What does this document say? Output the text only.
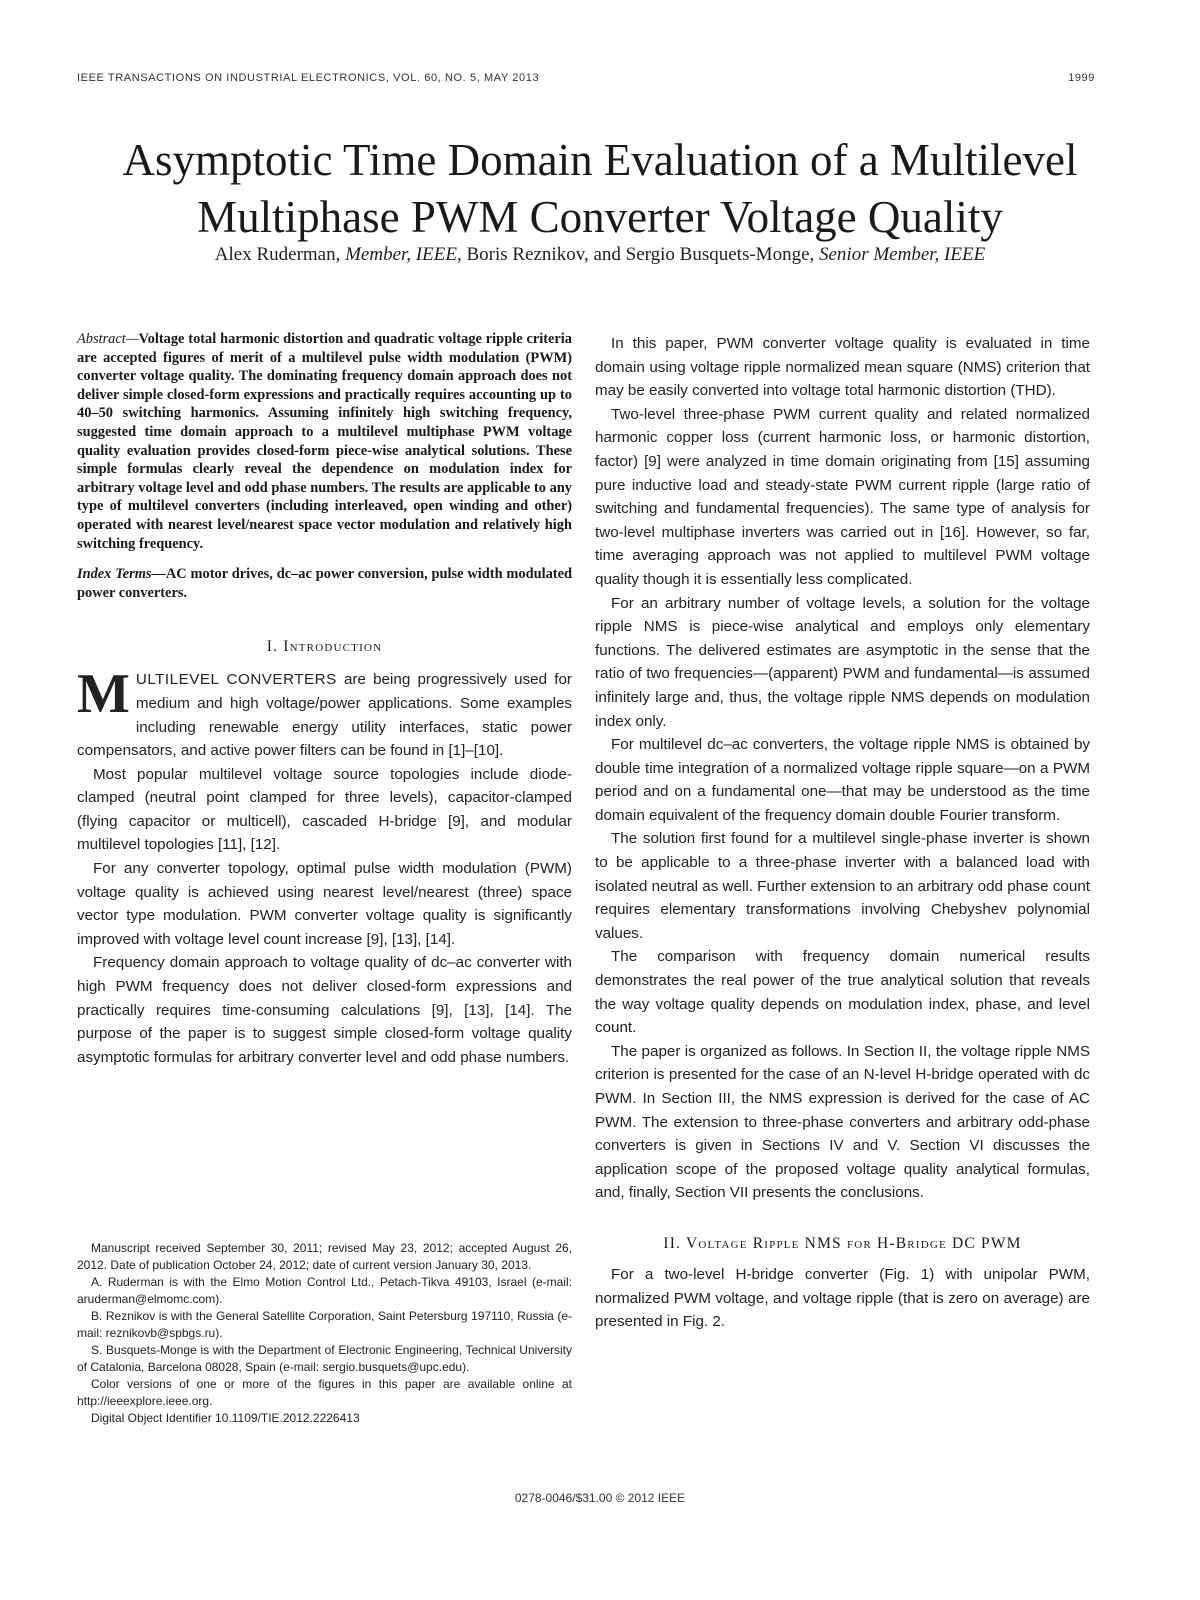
IEEE TRANSACTIONS ON INDUSTRIAL ELECTRONICS, VOL. 60, NO. 5, MAY 2013	1999
Asymptotic Time Domain Evaluation of a Multilevel Multiphase PWM Converter Voltage Quality
Alex Ruderman, Member, IEEE, Boris Reznikov, and Sergio Busquets-Monge, Senior Member, IEEE

Abstract—Voltage total harmonic distortion and quadratic voltage ripple criteria are accepted figures of merit of a multilevel pulse width modulation (PWM) converter voltage quality. The dominating frequency domain approach does not deliver simple closed-form expressions and practically requires accounting up to 40–50 switching harmonics. Assuming infinitely high switching frequency, suggested time domain approach to a multilevel multiphase PWM voltage quality evaluation provides closed-form piece-wise analytical solutions. These simple formulas clearly reveal the dependence on modulation index for arbitrary voltage level and odd phase numbers. The results are applicable to any type of multilevel converters (including interleaved, open winding and other) operated with nearest level/nearest space vector modulation and relatively high switching frequency.

Index Terms—AC motor drives, dc–ac power conversion, pulse width modulated power converters.

I. Introduction

MULTILEVEL CONVERTERS are being progressively used for medium and high voltage/power applications. Some examples including renewable energy utility interfaces, static power compensators, and active power filters can be found in [1]–[10].

Most popular multilevel voltage source topologies include diode-clamped (neutral point clamped for three levels), capacitor-clamped (flying capacitor or multicell), cascaded H-bridge [9], and modular multilevel topologies [11], [12].

For any converter topology, optimal pulse width modulation (PWM) voltage quality is achieved using nearest level/nearest (three) space vector type modulation. PWM converter voltage quality is significantly improved with voltage level count increase [9], [13], [14].

Frequency domain approach to voltage quality of dc–ac converter with high PWM frequency does not deliver closed-form expressions and practically requires time-consuming calculations [9], [13], [14]. The purpose of the paper is to suggest simple closed-form voltage quality asymptotic formulas for arbitrary converter level and odd phase numbers.

Manuscript received September 30, 2011; revised May 23, 2012; accepted August 26, 2012. Date of publication October 24, 2012; date of current version January 30, 2013.

A. Ruderman is with the Elmo Motion Control Ltd., Petach-Tikva 49103, Israel (e-mail: aruderman@elmomc.com).

B. Reznikov is with the General Satellite Corporation, Saint Petersburg 197110, Russia (e-mail: reznikovb@spbgs.ru).

S. Busquets-Monge is with the Department of Electronic Engineering, Technical University of Catalonia, Barcelona 08028, Spain (e-mail: sergio.busquets@upc.edu).

Color versions of one or more of the figures in this paper are available online at http://ieeexplore.ieee.org.

Digital Object Identifier 10.1109/TIE.2012.2226413

In this paper, PWM converter voltage quality is evaluated in time domain using voltage ripple normalized mean square (NMS) criterion that may be easily converted into voltage total harmonic distortion (THD).

Two-level three-phase PWM current quality and related normalized harmonic copper loss (current harmonic loss, or harmonic distortion, factor) [9] were analyzed in time domain originating from [15] assuming pure inductive load and steady-state PWM current ripple (large ratio of switching and fundamental frequencies). The same type of analysis for two-level multiphase inverters was carried out in [16]. However, so far, time averaging approach was not applied to multilevel PWM voltage quality though it is essentially less complicated.

For an arbitrary number of voltage levels, a solution for the voltage ripple NMS is piece-wise analytical and employs only elementary functions. The delivered estimates are asymptotic in the sense that the ratio of two frequencies—(apparent) PWM and fundamental—is assumed infinitely large and, thus, the voltage ripple NMS depends on modulation index only.

For multilevel dc–ac converters, the voltage ripple NMS is obtained by double time integration of a normalized voltage ripple square—on a PWM period and on a fundamental one—that may be understood as the time domain equivalent of the frequency domain double Fourier transform.

The solution first found for a multilevel single-phase inverter is shown to be applicable to a three-phase inverter with a balanced load with isolated neutral as well. Further extension to an arbitrary odd phase count requires elementary transformations involving Chebyshev polynomial values.

The comparison with frequency domain numerical results demonstrates the real power of the true analytical solution that reveals the way voltage quality depends on modulation index, phase, and level count.

The paper is organized as follows. In Section II, the voltage ripple NMS criterion is presented for the case of an N-level H-bridge operated with dc PWM. In Section III, the NMS expression is derived for the case of AC PWM. The extension to three-phase converters and arbitrary odd-phase converters is given in Sections IV and V. Section VI discusses the application scope of the proposed voltage quality analytical formulas, and, finally, Section VII presents the conclusions.

II. Voltage Ripple NMS for H-Bridge DC PWM

For a two-level H-bridge converter (Fig. 1) with unipolar PWM, normalized PWM voltage, and voltage ripple (that is zero on average) are presented in Fig. 2.

0278-0046/$31.00 © 2012 IEEE
